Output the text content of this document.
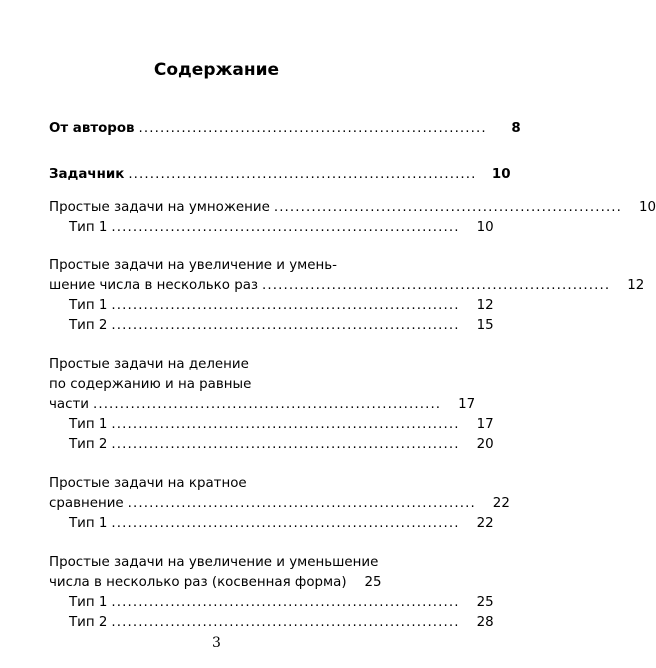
Содержание
От авторов .................................................................	8
Задачник .................................................................	10
Простые задачи на умножение .................................................................	10
Тип 1 .................................................................	10
Простые задачи на увеличение и умень-
шение числа в несколько раз .................................................................	12
Тип 1 .................................................................	12
Тип 2 .................................................................	15
Простые задачи на деление
по содержанию и на равные
части .................................................................	17
Тип 1 .................................................................	17
Тип 2 .................................................................	20
Простые задачи на кратное
сравнение .................................................................	22
Тип 1 .................................................................	22
Простые задачи на увеличение и уменьшение
числа в несколько раз (косвенная форма)	25
Тип 1 .................................................................	25
Тип 2 .................................................................	28
3
